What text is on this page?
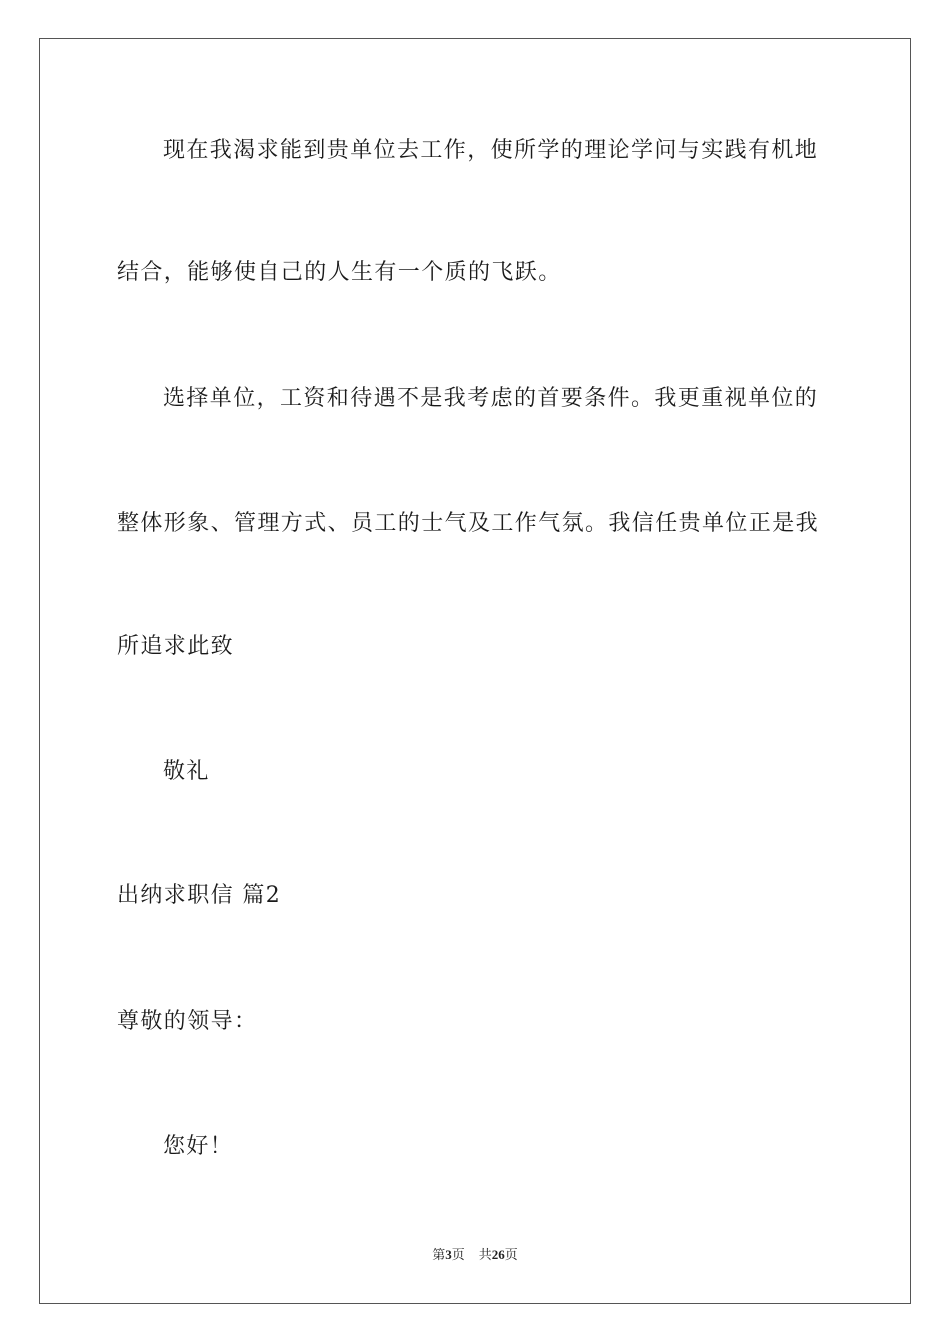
现在我渴求能到贵单位去工作，使所学的理论学问与实践有机地
结合，能够使自己的人生有一个质的飞跃。
选择单位，工资和待遇不是我考虑的首要条件。我更重视单位的
整体形象、管理方式、员工的士气及工作气氛。我信任贵单位正是我
所追求此致
敬礼
出纳求职信 篇2
尊敬的领导：
您好！
第3页 共26页
